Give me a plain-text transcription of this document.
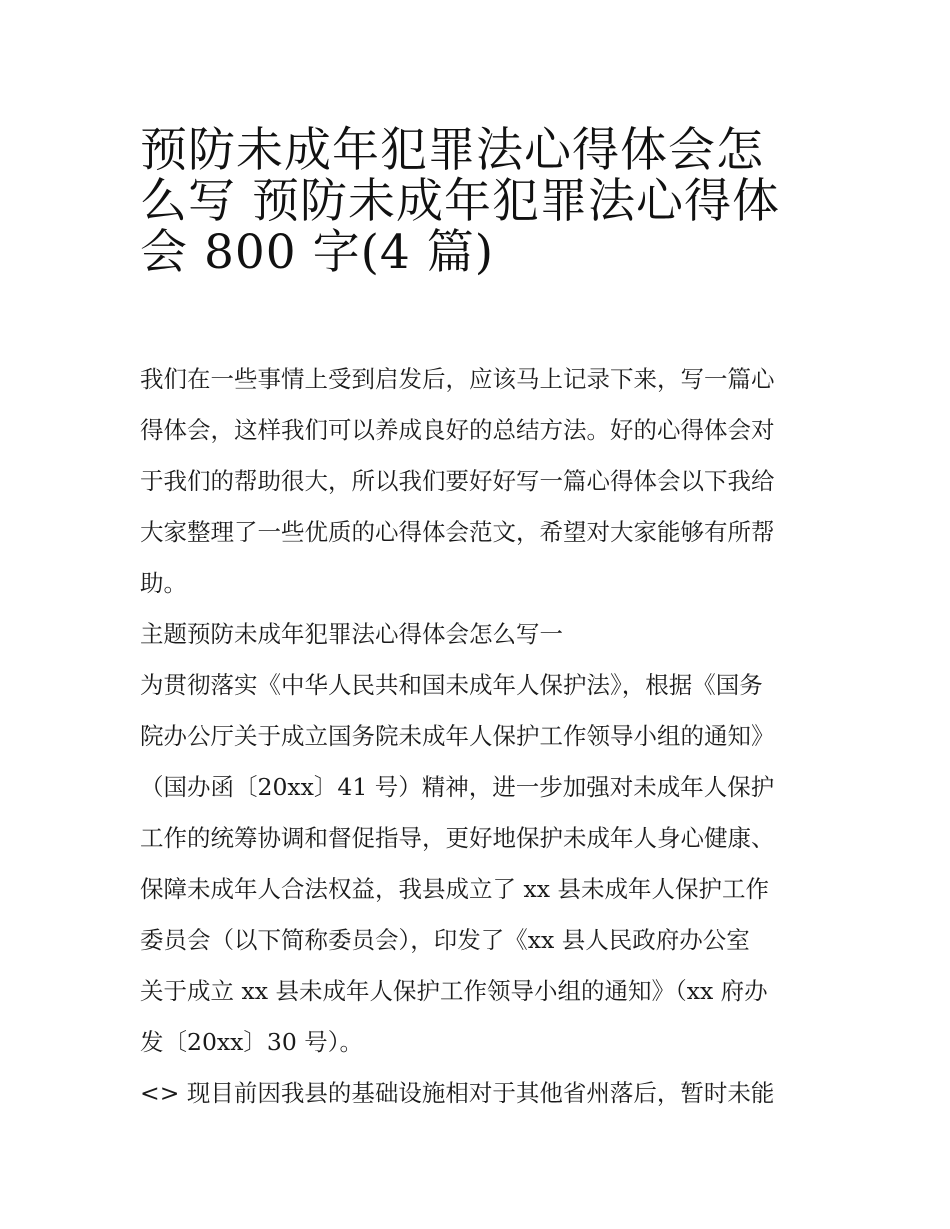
预防未成年犯罪法心得体会怎
么写 预防未成年犯罪法心得体
会 800 字(4 篇)

我们在一些事情上受到启发后，应该马上记录下来，写一篇心
得体会，这样我们可以养成良好的总结方法。好的心得体会对
于我们的帮助很大，所以我们要好好写一篇心得体会以下我给
大家整理了一些优质的心得体会范文，希望对大家能够有所帮
助。

主题预防未成年犯罪法心得体会怎么写一

为贯彻落实《中华人民共和国未成年人保护法》，根据《国务
院办公厅关于成立国务院未成年人保护工作领导小组的通知》
（国办函〔20xx〕41 号）精神，进一步加强对未成年人保护
工作的统筹协调和督促指导，更好地保护未成年人身心健康、
保障未成年人合法权益，我县成立了 xx 县未成年人保护工作
委员会（以下简称委员会），印发了《xx 县人民政府办公室
关于成立 xx 县未成年人保护工作领导小组的通知》（xx 府办
发〔20xx〕30 号）。

<> 现目前因我县的基础设施相对于其他省州落后，暂时未能
